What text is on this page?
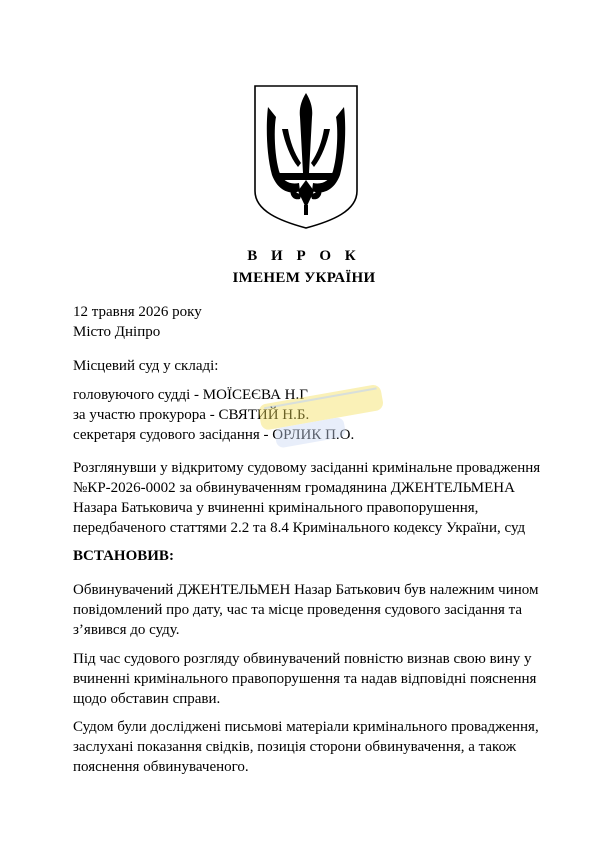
В И Р О К
ІМЕНЕМ УКРАЇНИ
12 травня 2026 року
Місто Дніпро
Місцевий суд у складі:
головуючого судді - МОЇСЕЄВА Н.Г
за участю прокурора - СВЯТИЙ Н.Б.
секретаря судового засідання - ОРЛИК П.О.
Розглянувши у відкритому судовому засіданні кримінальне провадження
№КР-2026-0002 за обвинуваченням громадянина ДЖЕНТЕЛЬМЕНА
Назара Батьковича у вчиненні кримінального правопорушення,
передбаченого статтями 2.2 та 8.4 Кримінального кодексу України, суд
ВСТАНОВИВ:
Обвинувачений ДЖЕНТЕЛЬМЕН Назар Батькович був належним чином
повідомлений про дату, час та місце проведення судового засідання та
з’явився до суду.
Під час судового розгляду обвинувачений повністю визнав свою вину у
вчиненні кримінального правопорушення та надав відповідні пояснення
щодо обставин справи.
Судом були досліджені письмові матеріали кримінального провадження,
заслухані показання свідків, позиція сторони обвинувачення, а також
пояснення обвинуваченого.
